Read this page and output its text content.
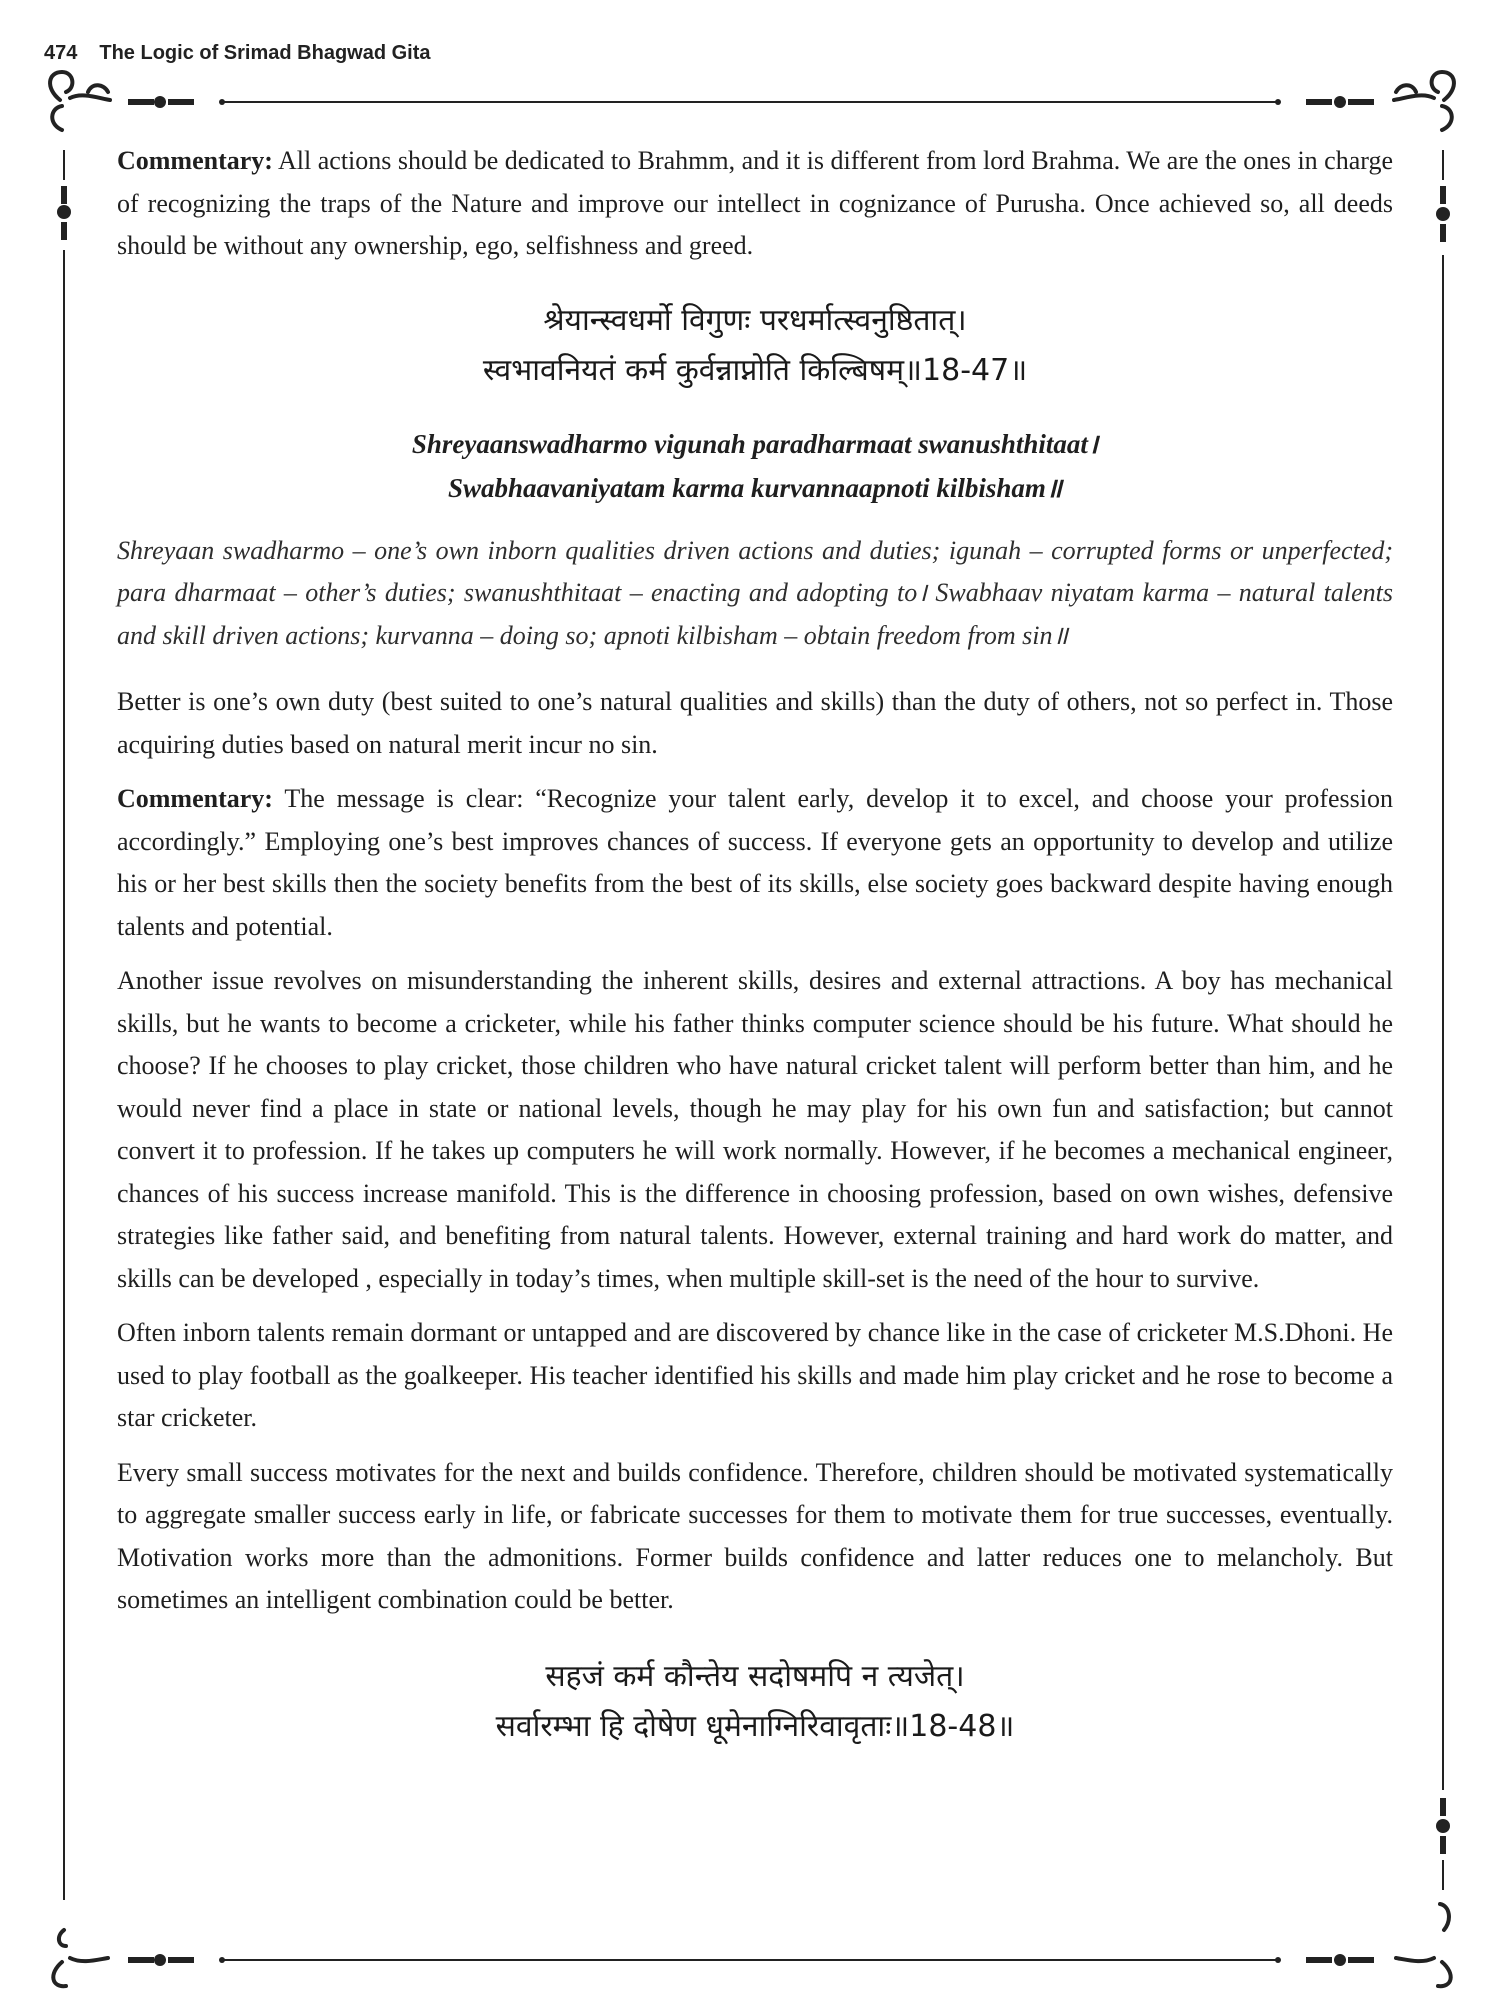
474 The Logic of Srimad Bhagwad Gita

Commentary: All actions should be dedicated to Brahmm, and it is different from lord Brahma. We are the ones in charge of recognizing the traps of the Nature and improve our intellect in cognizance of Purusha. Once achieved so, all deeds should be without any ownership, ego, selfishness and greed.

श्रेयान्स्वधर्मो विगुणः परधर्मात्स्वनुष्ठितात्।
स्वभावनियतं कर्म कुर्वन्नाप्नोति किल्बिषम्॥18-47॥
Shreyaanswadharmo vigunah paradharmaat swanushthitaat।
Swabhaavaniyatam karma kurvannaapnoti kilbisham॥

Shreyaan swadharmo – one’s own inborn qualities driven actions and duties; igunah – corrupted forms or unperfected; para dharmaat – other’s duties; swanushthitaat – enacting and adopting to। Swabhaav niyatam karma – natural talents and skill driven actions; kurvanna – doing so; apnoti kilbisham – obtain freedom from sin॥

Better is one’s own duty (best suited to one’s natural qualities and skills) than the duty of others, not so perfect in. Those acquiring duties based on natural merit incur no sin.

Commentary: The message is clear: “Recognize your talent early, develop it to excel, and choose your profession accordingly.” Employing one’s best improves chances of success. If everyone gets an opportunity to develop and utilize his or her best skills then the society benefits from the best of its skills, else society goes backward despite having enough talents and potential.

Another issue revolves on misunderstanding the inherent skills, desires and external attractions. A boy has mechanical skills, but he wants to become a cricketer, while his father thinks computer science should be his future. What should he choose? If he chooses to play cricket, those children who have natural cricket talent will perform better than him, and he would never find a place in state or national levels, though he may play for his own fun and satisfaction; but cannot convert it to profession. If he takes up computers he will work normally. However, if he becomes a mechanical engineer, chances of his success increase manifold. This is the difference in choosing profession, based on own wishes, defensive strategies like father said, and benefiting from natural talents. However, external training and hard work do matter, and skills can be developed , especially in today’s times, when multiple skill-set is the need of the hour to survive.

Often inborn talents remain dormant or untapped and are discovered by chance like in the case of cricketer M.S.Dhoni. He used to play football as the goalkeeper. His teacher identified his skills and made him play cricket and he rose to become a star cricketer.

Every small success motivates for the next and builds confidence. Therefore, children should be motivated systematically to aggregate smaller success early in life, or fabricate successes for them to motivate them for true successes, eventually. Motivation works more than the admonitions. Former builds confidence and latter reduces one to melancholy. But sometimes an intelligent combination could be better.

सहजं कर्म कौन्तेय सदोषमपि न त्यजेत्।
सर्वारम्भा हि दोषेण धूमेनाग्निरिवावृताः॥18-48॥
